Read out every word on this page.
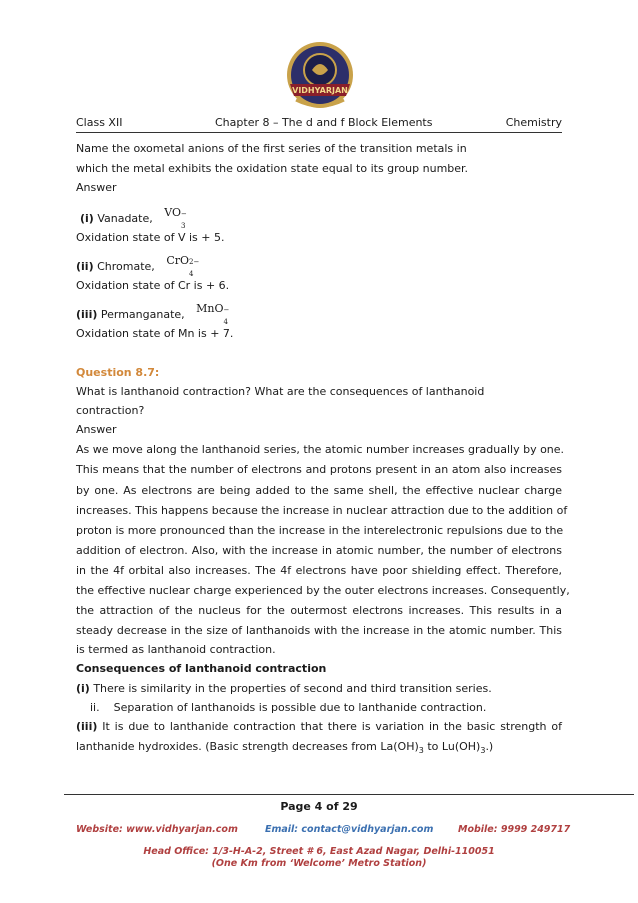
VIDHYARJAN
Class XII	Chapter 8 – The d and f Block Elements	Chemistry
Name the oxometal anions of the first series of the transition metals in
which the metal exhibits the oxidation state equal to its group number.
Answer
(i) Vanadate, VO −
3
Oxidation state of V is + 5.
(ii) Chromate, CrO 2−
4
Oxidation state of Cr is + 6.
(iii) Permanganate, MnO −
4
Oxidation state of Mn is + 7.
Question 8.7:
What is lanthanoid contraction? What are the consequences of lanthanoid
contraction?
Answer
As we move along the lanthanoid series, the atomic number increases gradually by one.
This means that the number of electrons and protons present in an atom also increases
by one. As electrons are being added to the same shell, the effective nuclear charge
increases. This happens because the increase in nuclear attraction due to the addition of
proton is more pronounced than the increase in the interelectronic repulsions due to the
addition of electron. Also, with the increase in atomic number, the number of electrons
in the 4f orbital also increases. The 4f electrons have poor shielding effect. Therefore,
the effective nuclear charge experienced by the outer electrons increases. Consequently,
the attraction of the nucleus for the outermost electrons increases. This results in a
steady decrease in the size of lanthanoids with the increase in the atomic number. This
is termed as lanthanoid contraction.
Consequences of lanthanoid contraction
(i) There is similarity in the properties of second and third transition series.
ii. Separation of lanthanoids is possible due to lanthanide contraction.
(iii) It is due to lanthanide contraction that there is variation in the basic strength of
lanthanide hydroxides. (Basic strength decreases from $La(OH)_3$ to $Lu(OH)_3$.)
Page 4 of 29
Website: www.vidhyarjan.com	Email: contact@vidhyarjan.com	Mobile: 9999 249717
Head Office: 1/3-H-A-2, Street # 6, East Azad Nagar, Delhi-110051
(One Km from ‘Welcome’ Metro Station)
